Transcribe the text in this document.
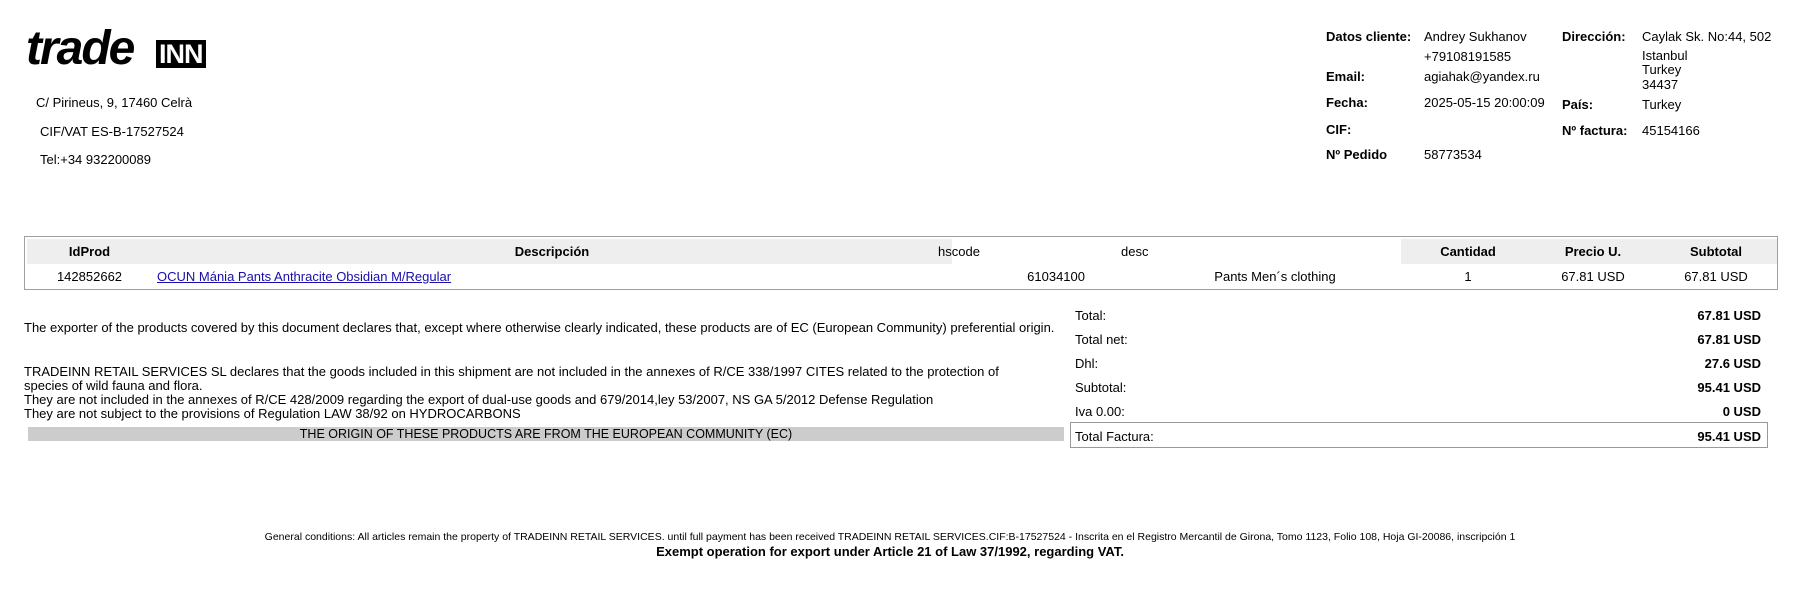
trade INN
C/ Pirineus, 9, 17460 Celrà
CIF/VAT ES-B-17527524
Tel:+34 932200089
Datos cliente: Andrey Sukhanov
+79108191585
Email:	agiahak@yandex.ru
Fecha:	2025-05-15 20:00:09
CIF:
Nº Pedido	58773534
Dirección: Caylak Sk. No:44, 502
Istanbul
Turkey
34437
País:	Turkey
Nº factura: 45154166
IdProd	Descripción	hscode	desc	Cantidad	Precio U.	Subtotal
142852662	OCUN Mánia Pants Anthracite Obsidian M/Regular	61034100	Pants Men´s clothing	1	67.81 USD	67.81 USD
The exporter of the products covered by this document declares that, except where otherwise clearly indicated, these products are of EC (European Community) preferential origin.
TRADEINN RETAIL SERVICES SL declares that the goods included in this shipment are not included in the annexes of R/CE 338/1997 CITES related to the protection of species of wild fauna and flora.
They are not included in the annexes of R/CE 428/2009 regarding the export of dual-use goods and 679/2014,ley 53/2007, NS GA 5/2012 Defense Regulation
They are not subject to the provisions of Regulation LAW 38/92 on HYDROCARBONS
THE ORIGIN OF THESE PRODUCTS ARE FROM THE EUROPEAN COMMUNITY (EC)
Total:	67.81 USD
Total net:	67.81 USD
Dhl:	27.6 USD
Subtotal:	95.41 USD
Iva 0.00:	0 USD
Total Factura:	95.41 USD
General conditions: All articles remain the property of TRADEINN RETAIL SERVICES. until full payment has been received TRADEINN RETAIL SERVICES.CIF:B-17527524 - Inscrita en el Registro Mercantil de Girona, Tomo 1123, Folio 108, Hoja GI-20086, inscripción 1
Exempt operation for export under Article 21 of Law 37/1992, regarding VAT.
